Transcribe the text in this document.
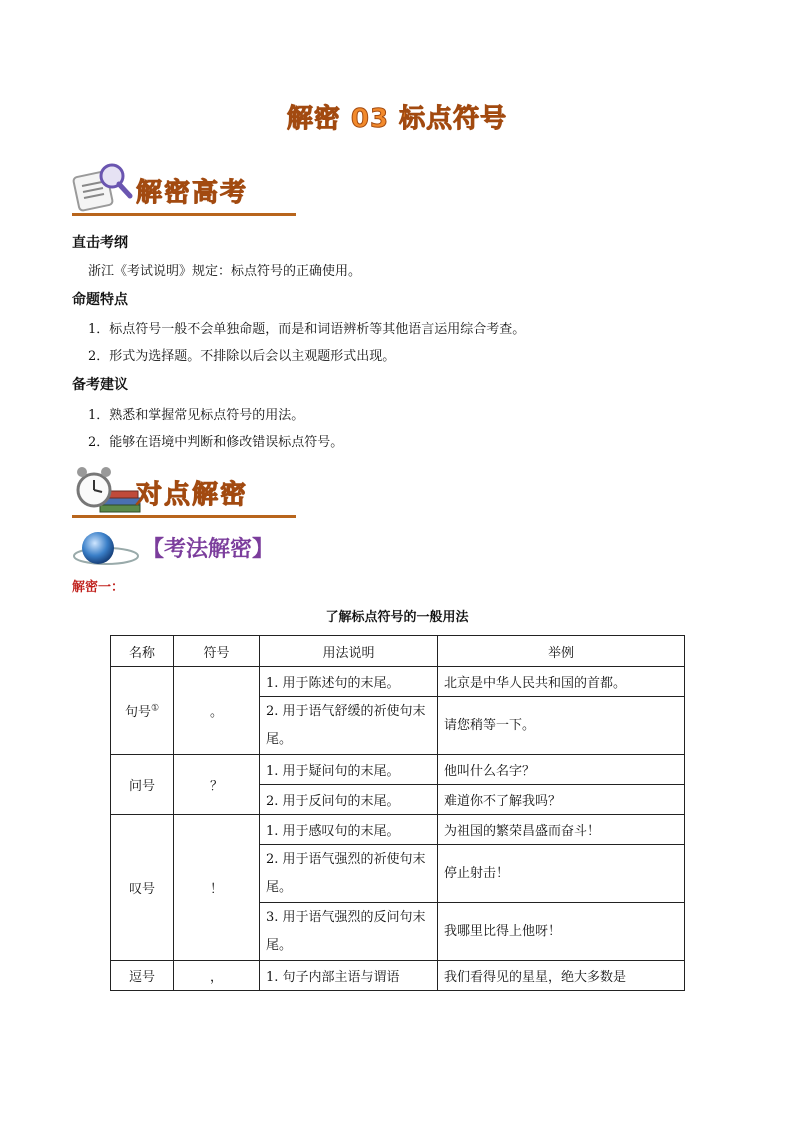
解密 03 标点符号
解密高考
直击考纲
浙江《考试说明》规定：标点符号的正确使用。
命题特点
1．标点符号一般不会单独命题，而是和词语辨析等其他语言运用综合考查。
2．形式为选择题。不排除以后会以主观题形式出现。
备考建议
1．熟悉和掌握常见标点符号的用法。
2．能够在语境中判断和修改错误标点符号。
对点解密
【考法解密】
解密一：
了解标点符号的一般用法
名称	符号	用法说明	举例
句号①	。	1. 用于陈述句的末尾。	北京是中华人民共和国的首都。
		2. 用于语气舒缓的祈使句末尾。	请您稍等一下。
问号	？	1. 用于疑问句的末尾。	他叫什么名字？
		2. 用于反问句的末尾。	难道你不了解我吗？
叹号	！	1. 用于感叹句的末尾。	为祖国的繁荣昌盛而奋斗！
		2. 用于语气强烈的祈使句末尾。	停止射击！
		3. 用于语气强烈的反问句末尾。	我哪里比得上他呀！
逗号	，	1. 句子内部主语与谓语	我们看得见的星星，绝大多数是
